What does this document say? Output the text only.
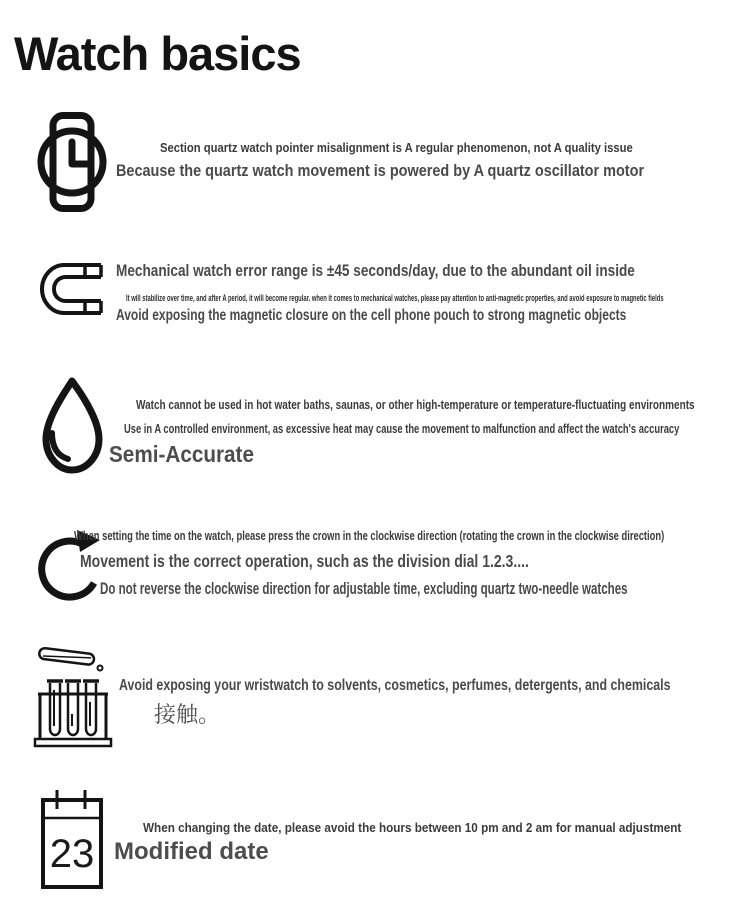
Watch basics
Section quartz watch pointer misalignment is A regular phenomenon, not A quality issue
Because the quartz watch movement is powered by A quartz oscillator motor
Mechanical watch error range is ±45 seconds/day, due to the abundant oil inside
It will stabilize over time, and after A period, it will become regular. when it comes to mechanical watches, please pay attention to anti-magnetic properties, and avoid exposure to magnetic fields
Avoid exposing the magnetic closure on the cell phone pouch to strong magnetic objects
Watch cannot be used in hot water baths, saunas, or other high-temperature or temperature-fluctuating environments
Use in A controlled environment, as excessive heat may cause the movement to malfunction and affect the watch's accuracy
Semi-Accurate
When setting the time on the watch, please press the crown in the clockwise direction (rotating the crown in the clockwise direction)
Movement is the correct operation, such as the division dial 1.2.3....
Do not reverse the clockwise direction for adjustable time, excluding quartz two-needle watches
Avoid exposing your wristwatch to solvents, cosmetics, perfumes, detergents, and chemicals
接触。
23
When changing the date, please avoid the hours between 10 pm and 2 am for manual adjustment
Modified date
